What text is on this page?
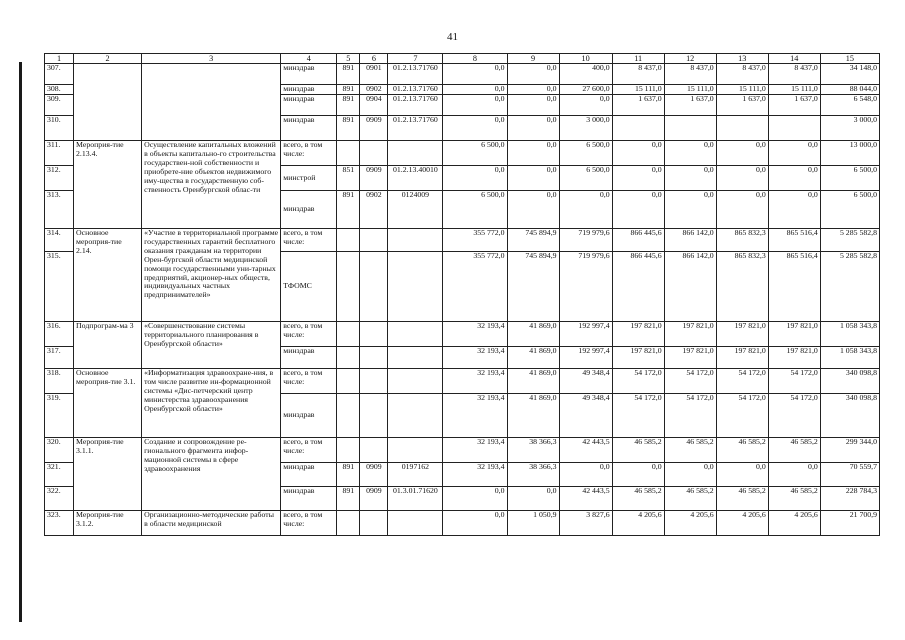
41
1	2	3	4	5	6	7	8	9	10	11	12	13	14	15
307.			минздрав	891	0901	01.2.13.71760	0,0	0,0	400,0	8 437,0	8 437,0	8 437,0	8 437,0	34 148,0
308.			минздрав	891	0902	01.2.13.71760	0,0	0,0	27 600,0	15 111,0	15 111,0	15 111,0	15 111,0	88 044,0
309.			минздрав	891	0904	01.2.13.71760	0,0	0,0	0,0	1 637,0	1 637,0	1 637,0	1 637,0	6 548,0
310.			минздрав	891	0909	01.2.13.71760	0,0	0,0	3 000,0					3 000,0
311.	Мероприя-тие 2.13.4.	Осуществление капитальных вложений в объекты капитально-го строительства государствен-ной собственности и приобрете-ние объектов недвижимого иму-щества в государственную соб-ственность Оренбургской облас-ти	всего, в том числе:				6 500,0	0,0	6 500,0	0,0	0,0	0,0	0,0	13 000,0
312.			минстрой	851	0909	01.2.13.40010	0,0	0,0	6 500,0	0,0	0,0	0,0	0,0	6 500,0
313.			минздрав	891	0902	0124009	6 500,0	0,0	0,0	0,0	0,0	0,0	0,0	6 500,0
314.	Основное мероприя-тие 2.14.	«Участие в территориальной программе государственных гарантий бесплатного оказания гражданам на территории Орен-бургской области медицинской помощи государственными уни-тарных предприятий, акционер-ных обществ, индивидуальных частных предпринимателей»	всего, в том числе:				355 772,0	745 894,9	719 979,6	866 445,6	866 142,0	865 832,3	865 516,4	5 285 582,8
315.			ТФОМС				355 772,0	745 894,9	719 979,6	866 445,6	866 142,0	865 832,3	865 516,4	5 285 582,8
316.	Подпрограм-ма 3	«Совершенствование системы территориального планирования в Оренбургской области»	всего, в том числе:				32 193,4	41 869,0	192 997,4	197 821,0	197 821,0	197 821,0	197 821,0	1 058 343,8
317.			минздрав				32 193,4	41 869,0	192 997,4	197 821,0	197 821,0	197 821,0	197 821,0	1 058 343,8
318.	Основное мероприя-тие 3.1.	«Информатизация здравоохране-ния, в том числе развитие ин-формационной системы «Дис-петчерский центр министерства здравоохранения Оренбургской области»	всего, в том числе:				32 193,4	41 869,0	49 348,4	54 172,0	54 172,0	54 172,0	54 172,0	340 098,8
319.			минздрав				32 193,4	41 869,0	49 348,4	54 172,0	54 172,0	54 172,0	54 172,0	340 098,8
320.	Мероприя-тие 3.1.1.	Создание и сопровождение ре-гионального фрагмента инфор-мационной системы в сфере здравоохранения	всего, в том числе:				32 193,4	38 366,3	42 443,5	46 585,2	46 585,2	46 585,2	46 585,2	299 344,0
321.			минздрав	891	0909	0197162	32 193,4	38 366,3	0,0	0,0	0,0	0,0	0,0	70 559,7
322.			минздрав	891	0909	01.3.01.71620	0,0	0,0	42 443,5	46 585,2	46 585,2	46 585,2	46 585,2	228 784,3
323.	Мероприя-тие 3.1.2.	Организационно-методические работы в области медицинской	всего, в том числе:				0,0	1 050,9	3 827,6	4 205,6	4 205,6	4 205,6	4 205,6	21 700,9
